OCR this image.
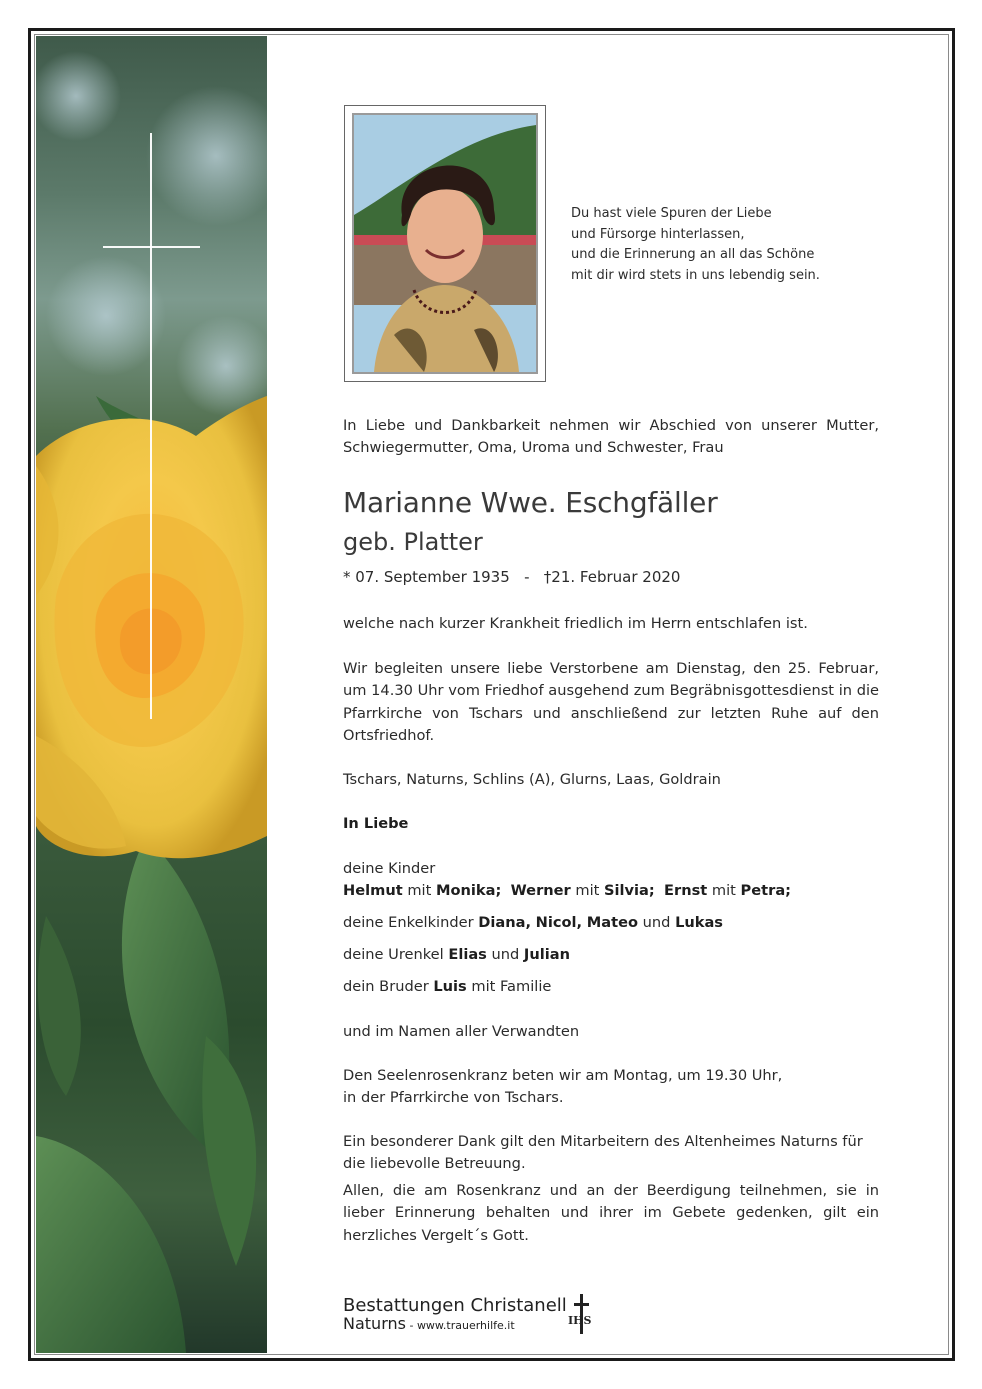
Du hast viele Spuren der Liebe
und Fürsorge hinterlassen,
und die Erinnerung an all das Schöne
mit dir wird stets in uns lebendig sein.
In Liebe und Dankbarkeit nehmen wir Abschied von unserer Mutter, Schwiegermutter, Oma, Uroma und Schwester, Frau
Marianne Wwe. Eschgfäller
geb. Platter
* 07. September 1935 - †21. Februar 2020
welche nach kurzer Krankheit friedlich im Herrn entschlafen ist.
Wir begleiten unsere liebe Verstorbene am Dienstag, den 25. Februar, um 14.30 Uhr vom Friedhof ausgehend zum Begräbnisgottesdienst in die Pfarrkirche von Tschars und anschließend zur letzten Ruhe auf den Ortsfriedhof.
Tschars, Naturns, Schlins (A), Glurns, Laas, Goldrain
In Liebe
deine Kinder
Helmut mit Monika; Werner mit Silvia; Ernst mit Petra;
deine Enkelkinder Diana, Nicol, Mateo und Lukas
deine Urenkel Elias und Julian
dein Bruder Luis mit Familie
und im Namen aller Verwandten
Den Seelenrosenkranz beten wir am Montag, um 19.30 Uhr,
in der Pfarrkirche von Tschars.
Ein besonderer Dank gilt den Mitarbeitern des Altenheimes Naturns für die liebevolle Betreuung.
Allen, die am Rosenkranz und an der Beerdigung teilnehmen, sie in lieber Erinnerung behalten und ihrer im Gebete gedenken, gilt ein herzliches Vergelt´s Gott.
Bestattungen Christanell
Naturns - www.trauerhilfe.it	IHS
